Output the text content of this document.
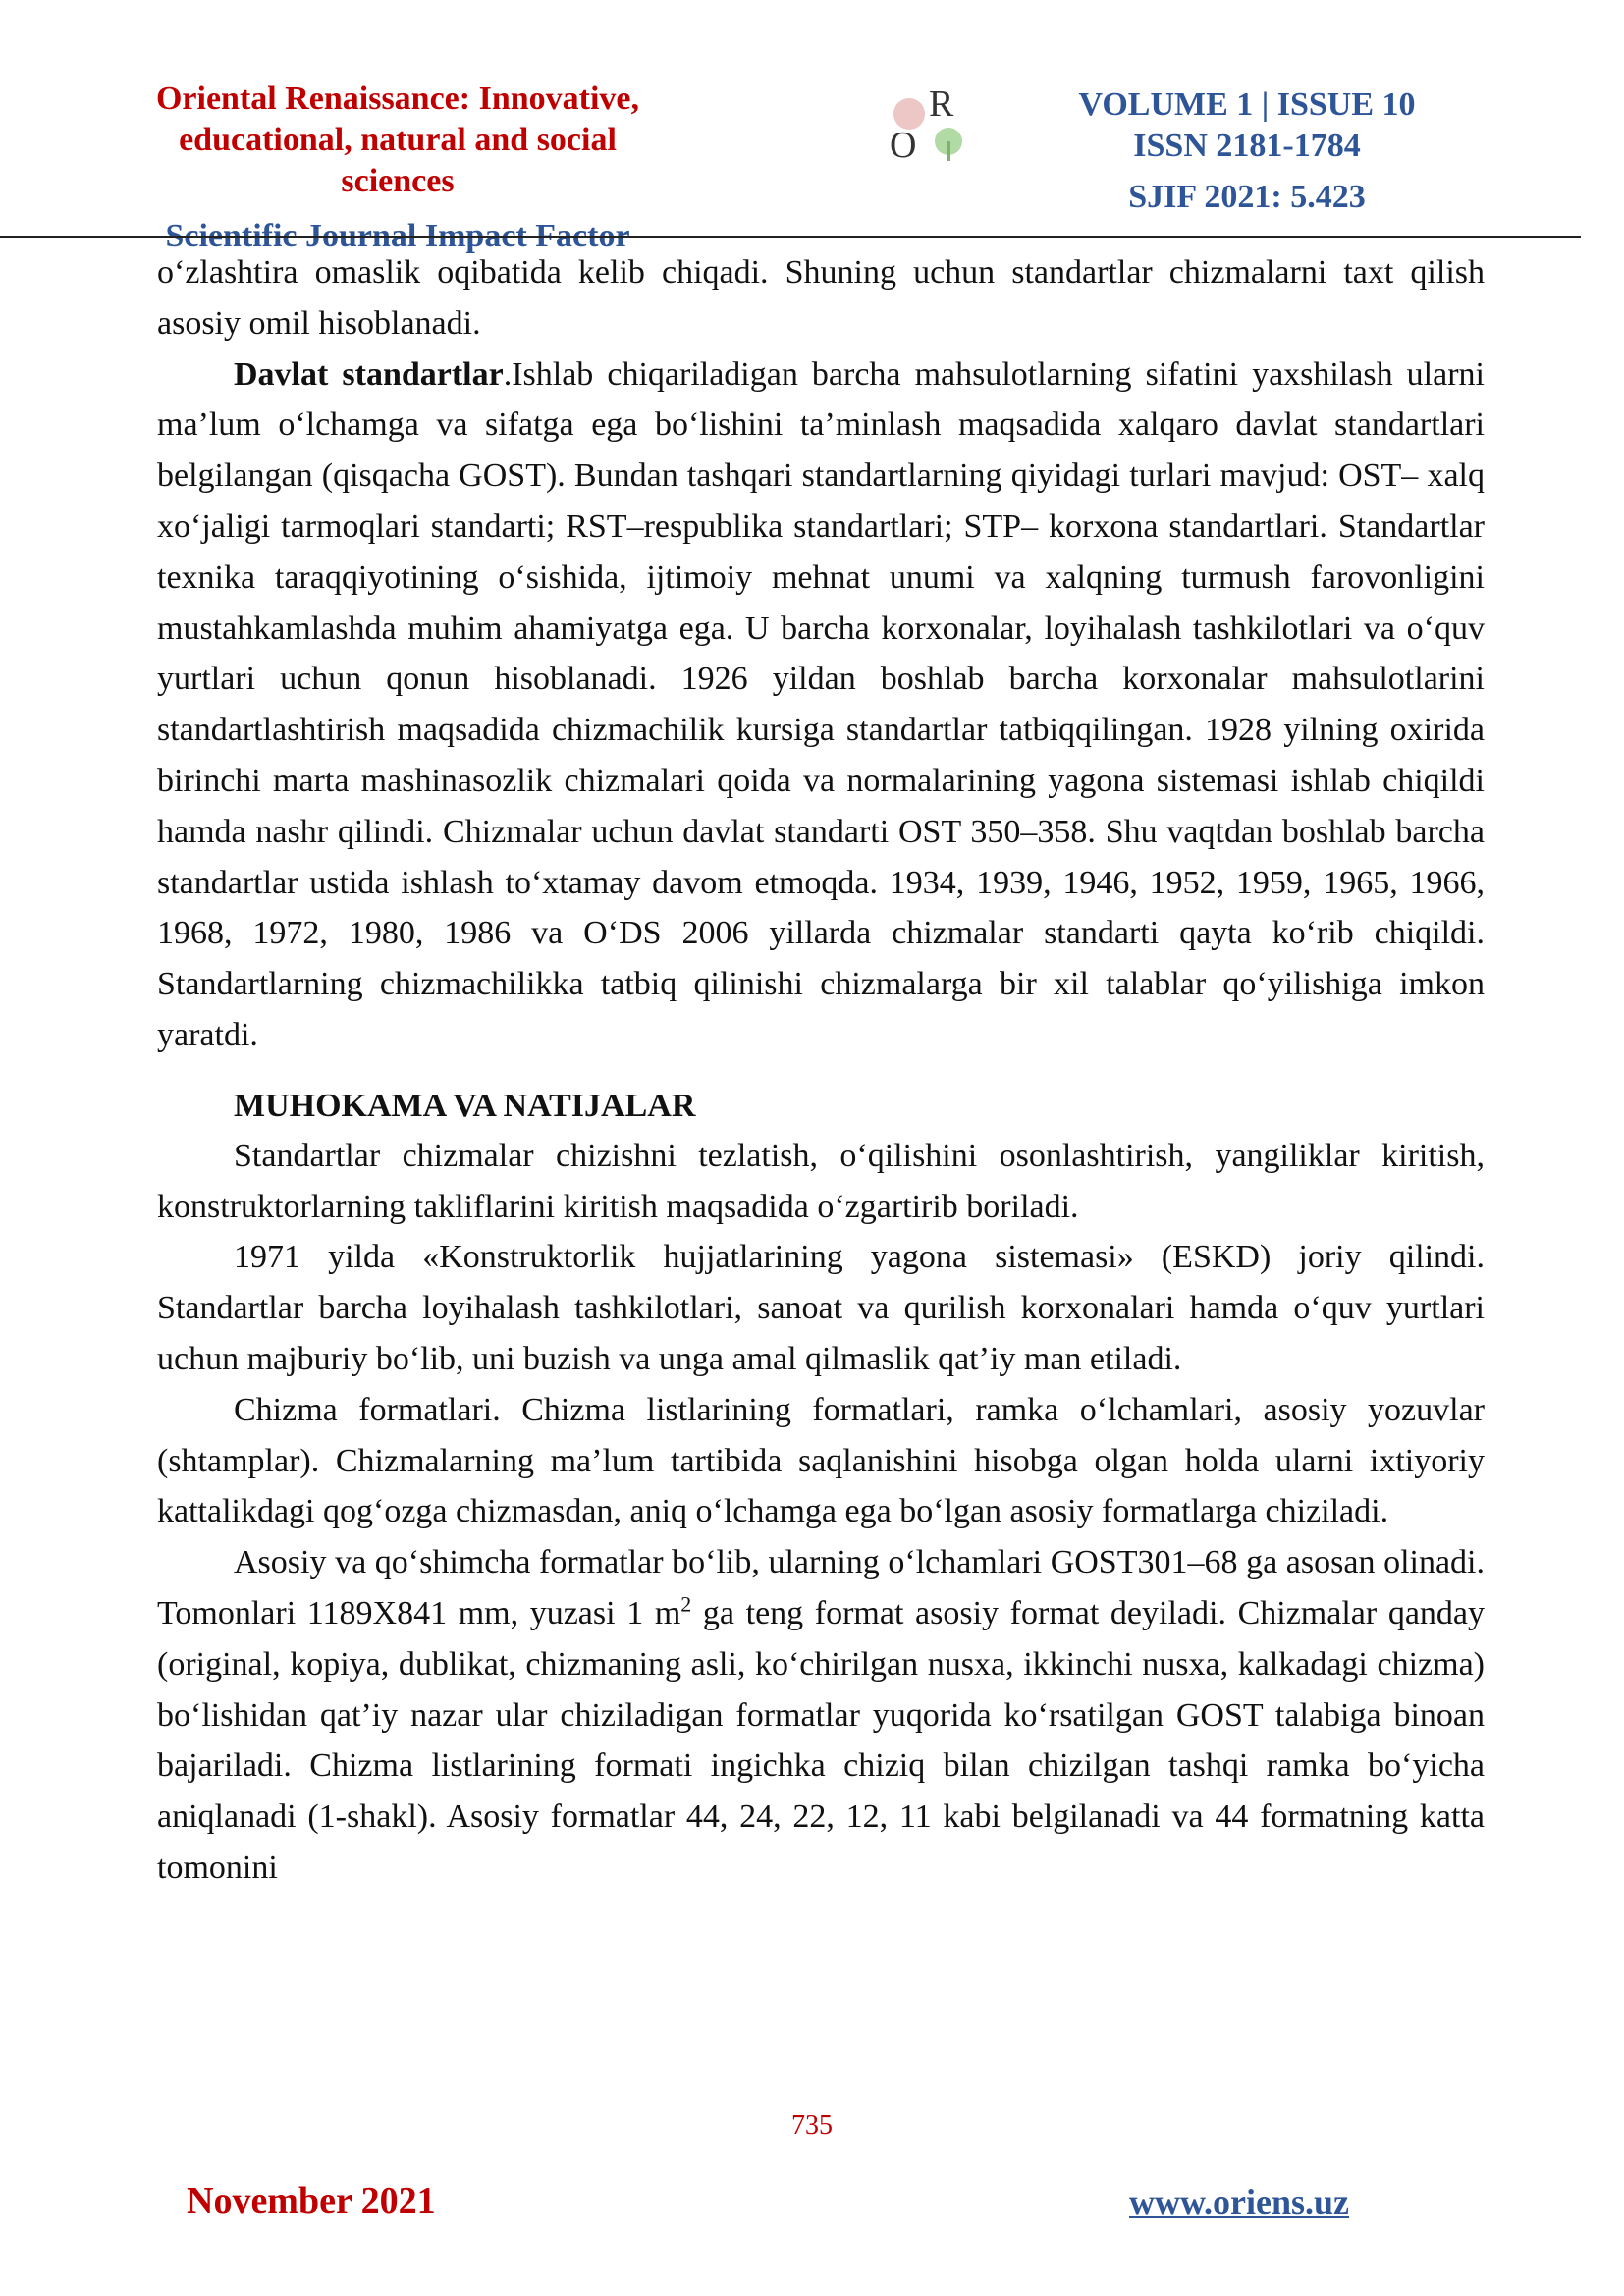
Oriental Renaissance: Innovative,
educational, natural and social sciences
Scientific Journal Impact Factor
R
O
VOLUME 1 | ISSUE 10
ISSN 2181-1784
SJIF 2021: 5.423

o‘zlashtira omaslik oqibatida kelib chiqadi. Shuning uchun standartlar chizmalarni taxt qilish asosiy omil hisoblanadi.

Davlat standartlar.Ishlab chiqariladigan barcha mahsulotlarning sifatini yaxshilash ularni ma’lum o‘lchamga va sifatga ega bo‘lishini ta’minlash maqsadida xalqaro davlat standartlari belgilangan (qisqacha GOST). Bundan tashqari standartlarning qiyidagi turlari mavjud: OST– xalq xo‘jaligi tarmoqlari standarti; RST–respublika standartlari; STP– korxona standartlari. Standartlar texnika taraqqiyotining o‘sishida, ijtimoiy mehnat unumi va xalqning turmush farovonligini mustahkamlashda muhim ahamiyatga ega. U barcha korxonalar, loyihalash tashkilotlari va o‘quv yurtlari uchun qonun hisoblanadi. 1926 yildan boshlab barcha korxonalar mahsulotlarini standartlashtirish maqsadida chizmachilik kursiga standartlar tatbiqqilingan. 1928 yilning oxirida birinchi marta mashinasozlik chizmalari qoida va normalarining yagona sistemasi ishlab chiqildi hamda nashr qilindi. Chizmalar uchun davlat standarti OST 350–358. Shu vaqtdan boshlab barcha standartlar ustida ishlash to‘xtamay davom etmoqda. 1934, 1939, 1946, 1952, 1959, 1965, 1966, 1968, 1972, 1980, 1986 va O‘DS 2006 yillarda chizmalar standarti qayta ko‘rib chiqildi. Standartlarning chizmachilikka tatbiq qilinishi chizmalarga bir xil talablar qo‘yilishiga imkon yaratdi.

MUHOKAMA VA NATIJALAR

Standartlar chizmalar chizishni tezlatish, o‘qilishini osonlashtirish, yangiliklar kiritish, konstruktorlarning takliflarini kiritish maqsadida o‘zgartirib boriladi.

1971 yilda «Konstruktorlik hujjatlarining yagona sistemasi» (ESKD) joriy qilindi. Standartlar barcha loyihalash tashkilotlari, sanoat va qurilish korxonalari hamda o‘quv yurtlari uchun majburiy bo‘lib, uni buzish va unga amal qilmaslik qat’iy man etiladi.

Chizma formatlari. Chizma listlarining formatlari, ramka o‘lchamlari, asosiy yozuvlar (shtamplar). Chizmalarning ma’lum tartibida saqlanishini hisobga olgan holda ularni ixtiyoriy kattalikdagi qog‘ozga chizmasdan, aniq o‘lchamga ega bo‘lgan asosiy formatlarga chiziladi.

Asosiy va qo‘shimcha formatlar bo‘lib, ularning o‘lchamlari GOST301–68 ga asosan olinadi. Tomonlari 1189X841 mm, yuzasi 1 $m^2$ ga teng format asosiy format deyiladi. Chizmalar qanday (original, kopiya, dublikat, chizmaning asli, ko‘chirilgan nusxa, ikkinchi nusxa, kalkadagi chizma) bo‘lishidan qat’iy nazar ular chiziladigan formatlar yuqorida ko‘rsatilgan GOST talabiga binoan bajariladi. Chizma listlarining formati ingichka chiziq bilan chizilgan tashqi ramka bo‘yicha aniqlanadi (1-shakl). Asosiy formatlar 44, 24, 22, 12, 11 kabi belgilanadi va 44 formatning katta tomonini

735
November 2021	www.oriens.uz
